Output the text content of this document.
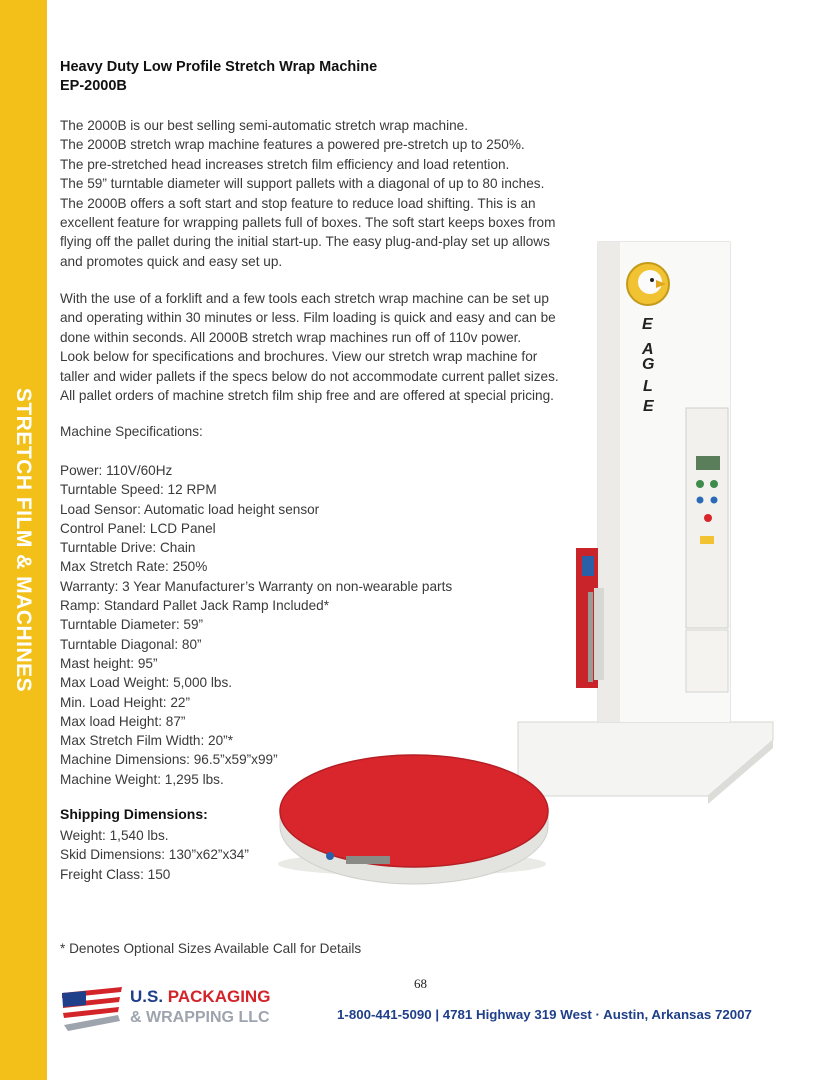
STRETCH FILM & MACHINES
Heavy Duty Low Profile Stretch Wrap Machine
EP-2000B
E
A
G
L
E
The 2000B is our best selling semi-automatic stretch wrap machine.
The 2000B stretch wrap machine features a powered pre-stretch up to 250%.
The pre-stretched head increases stretch film efficiency and load retention.
The 59” turntable diameter will support pallets with a diagonal of up to 80 inches.
The 2000B offers a soft start and stop feature to reduce load shifting. This is an
excellent feature for wrapping pallets full of boxes. The soft start keeps boxes from
flying off the pallet during the initial start-up. The easy plug-and-play set up allows
and promotes quick and easy set up.
With the use of a forklift and a few tools each stretch wrap machine can be set up
and operating within 30 minutes or less. Film loading is quick and easy and can be
done within seconds. All 2000B stretch wrap machines run off of 110v power.
Look below for specifications and brochures. View our stretch wrap machine for
taller and wider pallets if the specs below do not accommodate current pallet sizes.
All pallet orders of machine stretch film ship free and are offered at special pricing.
Machine Specifications:
Power: 110V/60Hz
Turntable Speed: 12 RPM
Load Sensor: Automatic load height sensor
Control Panel: LCD Panel
Turntable Drive: Chain
Max Stretch Rate: 250%
Warranty: 3 Year Manufacturer’s Warranty on non-wearable parts
Ramp: Standard Pallet Jack Ramp Included*
Turntable Diameter: 59”
Turntable Diagonal: 80”
Mast height: 95”
Max Load Weight: 5,000 lbs.
Min. Load Height: 22”
Max load Height: 87”
Max Stretch Film Width: 20”*
Machine Dimensions: 96.5”x59”x99”
Machine Weight: 1,295 lbs.
Shipping Dimensions:
Weight: 1,540 lbs.
Skid Dimensions: 130”x62”x34”
Freight Class: 150
* Denotes Optional Sizes Available Call for Details
68
U.S. PACKAGING
& WRAPPING LLC	1-800-441-5090 | 4781 Highway 319 West · Austin, Arkansas 72007
